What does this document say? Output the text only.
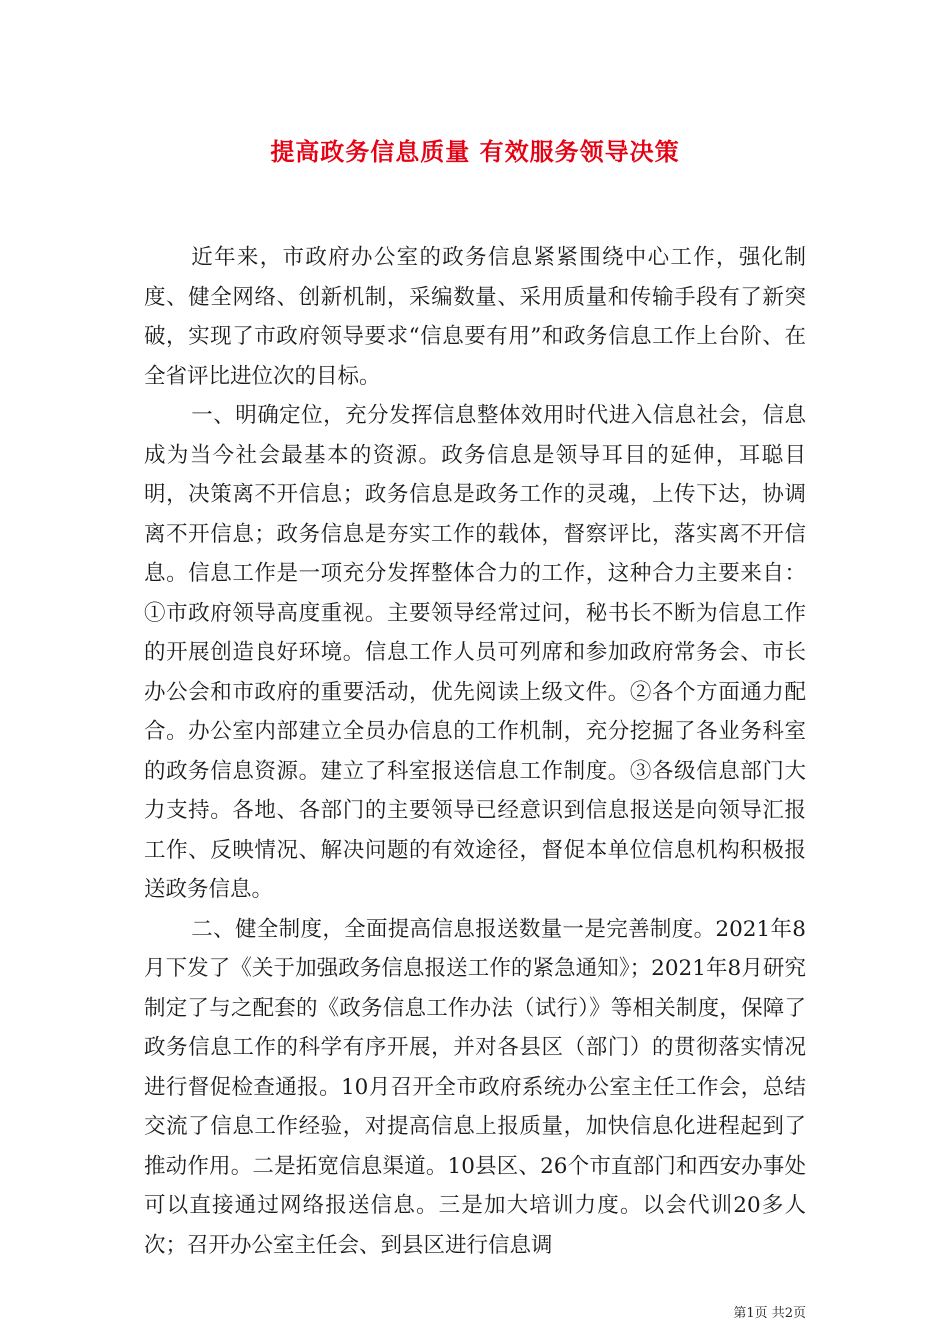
提高政务信息质量 有效服务领导决策

近年来，市政府办公室的政务信息紧紧围绕中心工作，强化制度、健全网络、创新机制，采编数量、采用质量和传输手段有了新突破，实现了市政府领导要求“信息要有用”和政务信息工作上台阶、在全省评比进位次的目标。

一、明确定位，充分发挥信息整体效用时代进入信息社会，信息成为当今社会最基本的资源。政务信息是领导耳目的延伸，耳聪目明，决策离不开信息；政务信息是政务工作的灵魂，上传下达，协调离不开信息；政务信息是夯实工作的载体，督察评比，落实离不开信息。信息工作是一项充分发挥整体合力的工作，这种合力主要来自：①市政府领导高度重视。主要领导经常过问，秘书长不断为信息工作的开展创造良好环境。信息工作人员可列席和参加政府常务会、市长办公会和市政府的重要活动，优先阅读上级文件。②各个方面通力配合。办公室内部建立全员办信息的工作机制，充分挖掘了各业务科室的政务信息资源。建立了科室报送信息工作制度。③各级信息部门大力支持。各地、各部门的主要领导已经意识到信息报送是向领导汇报工作、反映情况、解决问题的有效途径，督促本单位信息机构积极报送政务信息。

二、健全制度，全面提高信息报送数量一是完善制度。2021年8月下发了《关于加强政务信息报送工作的紧急通知》；2021年8月研究制定了与之配套的《政务信息工作办法（试行）》等相关制度，保障了政务信息工作的科学有序开展，并对各县区（部门）的贯彻落实情况进行督促检查通报。10月召开全市政府系统办公室主任工作会，总结交流了信息工作经验，对提高信息上报质量，加快信息化进程起到了推动作用。二是拓宽信息渠道。10县区、26个市直部门和西安办事处可以直接通过网络报送信息。三是加大培训力度。以会代训20多人次；召开办公室主任会、到县区进行信息调

第1页 共2页
